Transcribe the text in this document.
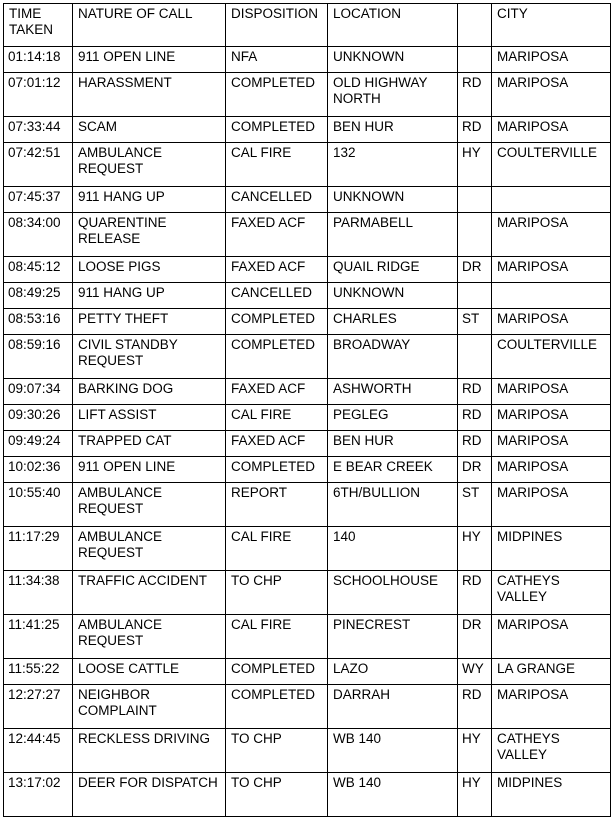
TIME TAKEN	NATURE OF CALL	DISPOSITION	LOCATION		CITY
01:14:18	911 OPEN LINE	NFA	UNKNOWN		MARIPOSA
07:01:12	HARASSMENT	COMPLETED	OLD HIGHWAY NORTH	RD	MARIPOSA
07:33:44	SCAM	COMPLETED	BEN HUR	RD	MARIPOSA
07:42:51	AMBULANCE REQUEST	CAL FIRE	132	HY	COULTERVILLE
07:45:37	911 HANG UP	CANCELLED	UNKNOWN		
08:34:00	QUARENTINE RELEASE	FAXED ACF	PARMABELL		MARIPOSA
08:45:12	LOOSE PIGS	FAXED ACF	QUAIL RIDGE	DR	MARIPOSA
08:49:25	911 HANG UP	CANCELLED	UNKNOWN		
08:53:16	PETTY THEFT	COMPLETED	CHARLES	ST	MARIPOSA
08:59:16	CIVIL STANDBY REQUEST	COMPLETED	BROADWAY		COULTERVILLE
09:07:34	BARKING DOG	FAXED ACF	ASHWORTH	RD	MARIPOSA
09:30:26	LIFT ASSIST	CAL FIRE	PEGLEG	RD	MARIPOSA
09:49:24	TRAPPED CAT	FAXED ACF	BEN HUR	RD	MARIPOSA
10:02:36	911 OPEN LINE	COMPLETED	E BEAR CREEK	DR	MARIPOSA
10:55:40	AMBULANCE REQUEST	REPORT	6TH/BULLION	ST	MARIPOSA
11:17:29	AMBULANCE REQUEST	CAL FIRE	140	HY	MIDPINES
11:34:38	TRAFFIC ACCIDENT	TO CHP	SCHOOLHOUSE	RD	CATHEYS VALLEY
11:41:25	AMBULANCE REQUEST	CAL FIRE	PINECREST	DR	MARIPOSA
11:55:22	LOOSE CATTLE	COMPLETED	LAZO	WY	LA GRANGE
12:27:27	NEIGHBOR COMPLAINT	COMPLETED	DARRAH	RD	MARIPOSA
12:44:45	RECKLESS DRIVING	TO CHP	WB 140	HY	CATHEYS VALLEY
13:17:02	DEER FOR DISPATCH	TO CHP	WB 140	HY	MIDPINES
